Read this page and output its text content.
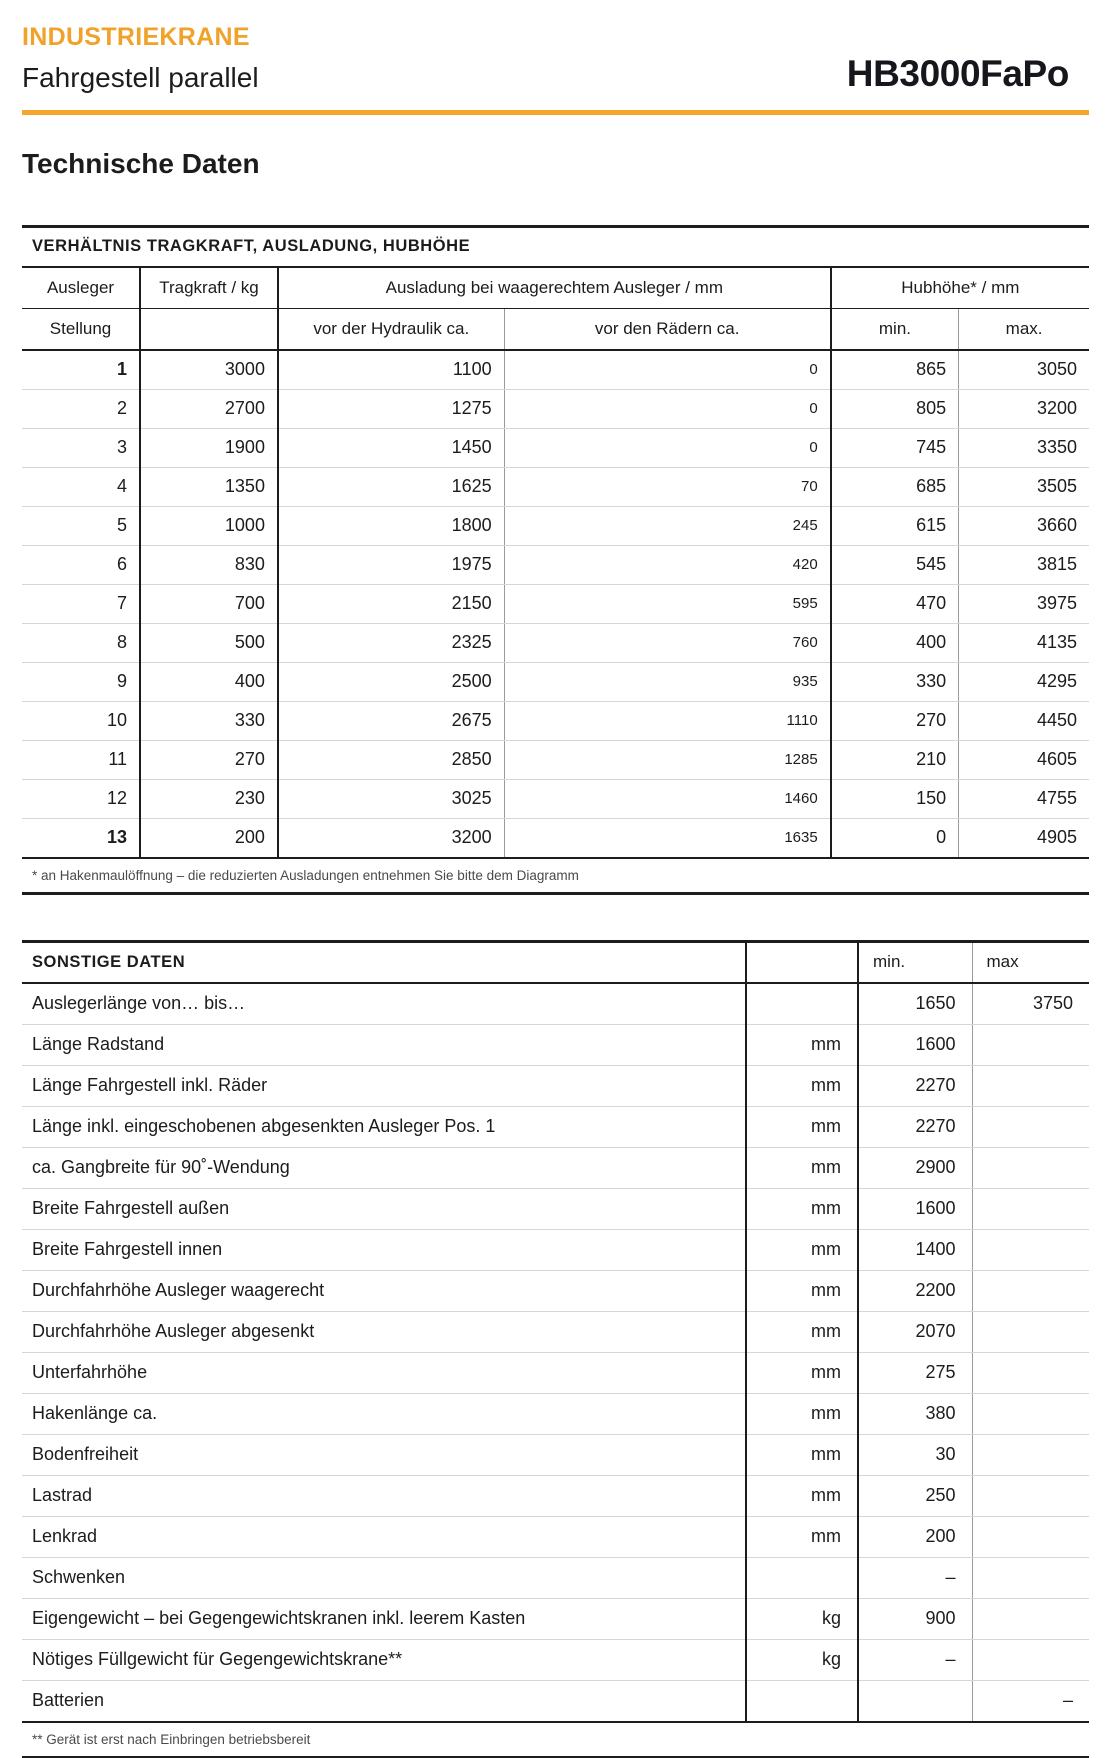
INDUSTRIEKRANE
Fahrgestell parallel	HB3000FaPo
Technische Daten
VERHÄLTNIS TRAGKRAFT, AUSLADUNG, HUBHÖHE					
Ausleger	Tragkraft / kg	Ausladung bei waagerechtem Ausleger / mm		Hubhöhe* / mm	
Stellung		vor der Hydraulik ca.	vor den Rädern ca.	min.	max.
1	3000	1100	0	865	3050
2	2700	1275	0	805	3200
3	1900	1450	0	745	3350
4	1350	1625	70	685	3505
5	1000	1800	245	615	3660
6	830	1975	420	545	3815
7	700	2150	595	470	3975
8	500	2325	760	400	4135
9	400	2500	935	330	4295
10	330	2675	1110	270	4450
11	270	2850	1285	210	4605
12	230	3025	1460	150	4755
13	200	3200	1635	0	4905
* an Hakenmaulöffnung – die reduzierten Ausladungen entnehmen Sie bitte dem Diagramm
SONSTIGE DATEN		min.	max
Auslegerlänge von… bis…		1650	3750
Länge Radstand	mm	1600	
Länge Fahrgestell inkl. Räder	mm	2270	
Länge inkl. eingeschobenen abgesenkten Ausleger Pos. 1	mm	2270	
ca. Gangbreite für 90˚-Wendung	mm	2900	
Breite Fahrgestell außen	mm	1600	
Breite Fahrgestell innen	mm	1400	
Durchfahrhöhe Ausleger waagerecht	mm	2200	
Durchfahrhöhe Ausleger abgesenkt	mm	2070	
Unterfahrhöhe	mm	275	
Hakenlänge ca.	mm	380	
Bodenfreiheit	mm	30	
Lastrad	mm	250	
Lenkrad	mm	200	
Schwenken		–	
Eigengewicht – bei Gegengewichtskranen inkl. leerem Kasten	kg	900	
Nötiges Füllgewicht für Gegengewichtskrane**	kg	–	
Batterien			–
** Gerät ist erst nach Einbringen betriebsbereit
